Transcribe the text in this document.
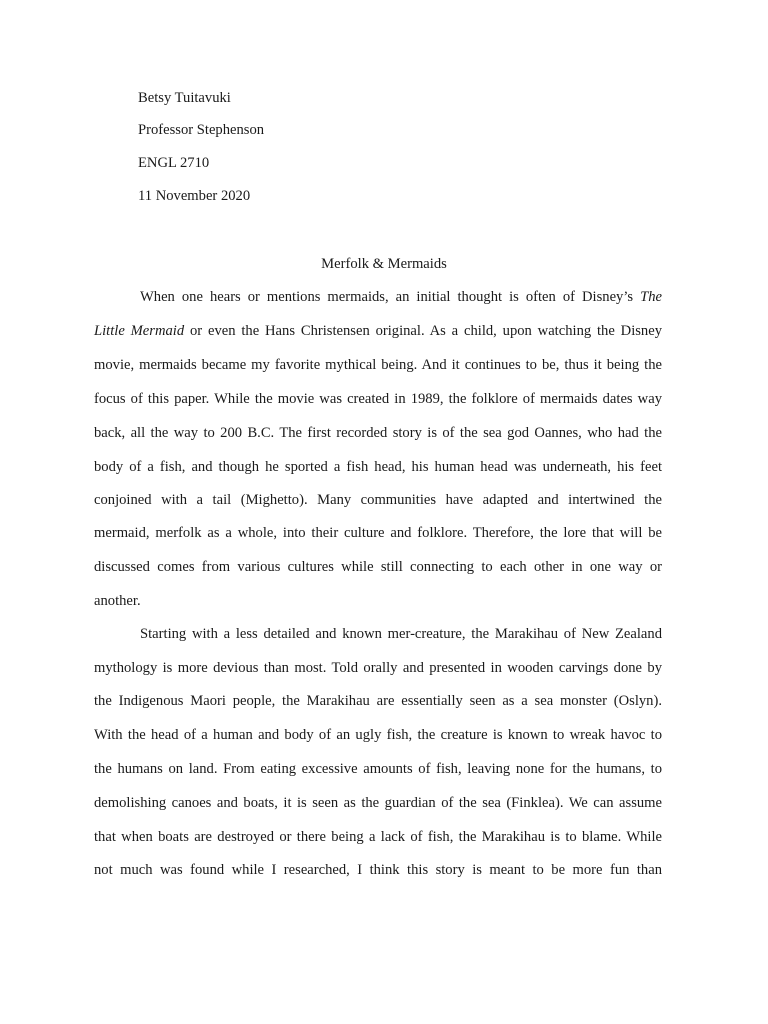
Betsy Tuitavuki
Professor Stephenson
ENGL 2710
11 November 2020
Merfolk & Mermaids
When one hears or mentions mermaids, an initial thought is often of Disney’s The
Little Mermaid or even the Hans Christensen original. As a child, upon watching the Disney
movie, mermaids became my favorite mythical being. And it continues to be, thus it being the
focus of this paper. While the movie was created in 1989, the folklore of mermaids dates way
back, all the way to 200 B.C. The first recorded story is of the sea god Oannes, who had the
body of a fish, and though he sported a fish head, his human head was underneath, his feet
conjoined with a tail (Mighetto). Many communities have adapted and intertwined the
mermaid, merfolk as a whole, into their culture and folklore. Therefore, the lore that will be
discussed comes from various cultures while still connecting to each other in one way or
another.
Starting with a less detailed and known mer-creature, the Marakihau of New Zealand
mythology is more devious than most. Told orally and presented in wooden carvings done by
the Indigenous Maori people, the Marakihau are essentially seen as a sea monster (Oslyn).
With the head of a human and body of an ugly fish, the creature is known to wreak havoc to
the humans on land. From eating excessive amounts of fish, leaving none for the humans, to
demolishing canoes and boats, it is seen as the guardian of the sea (Finklea). We can assume
that when boats are destroyed or there being a lack of fish, the Marakihau is to blame. While
not much was found while I researched, I think this story is meant to be more fun than
